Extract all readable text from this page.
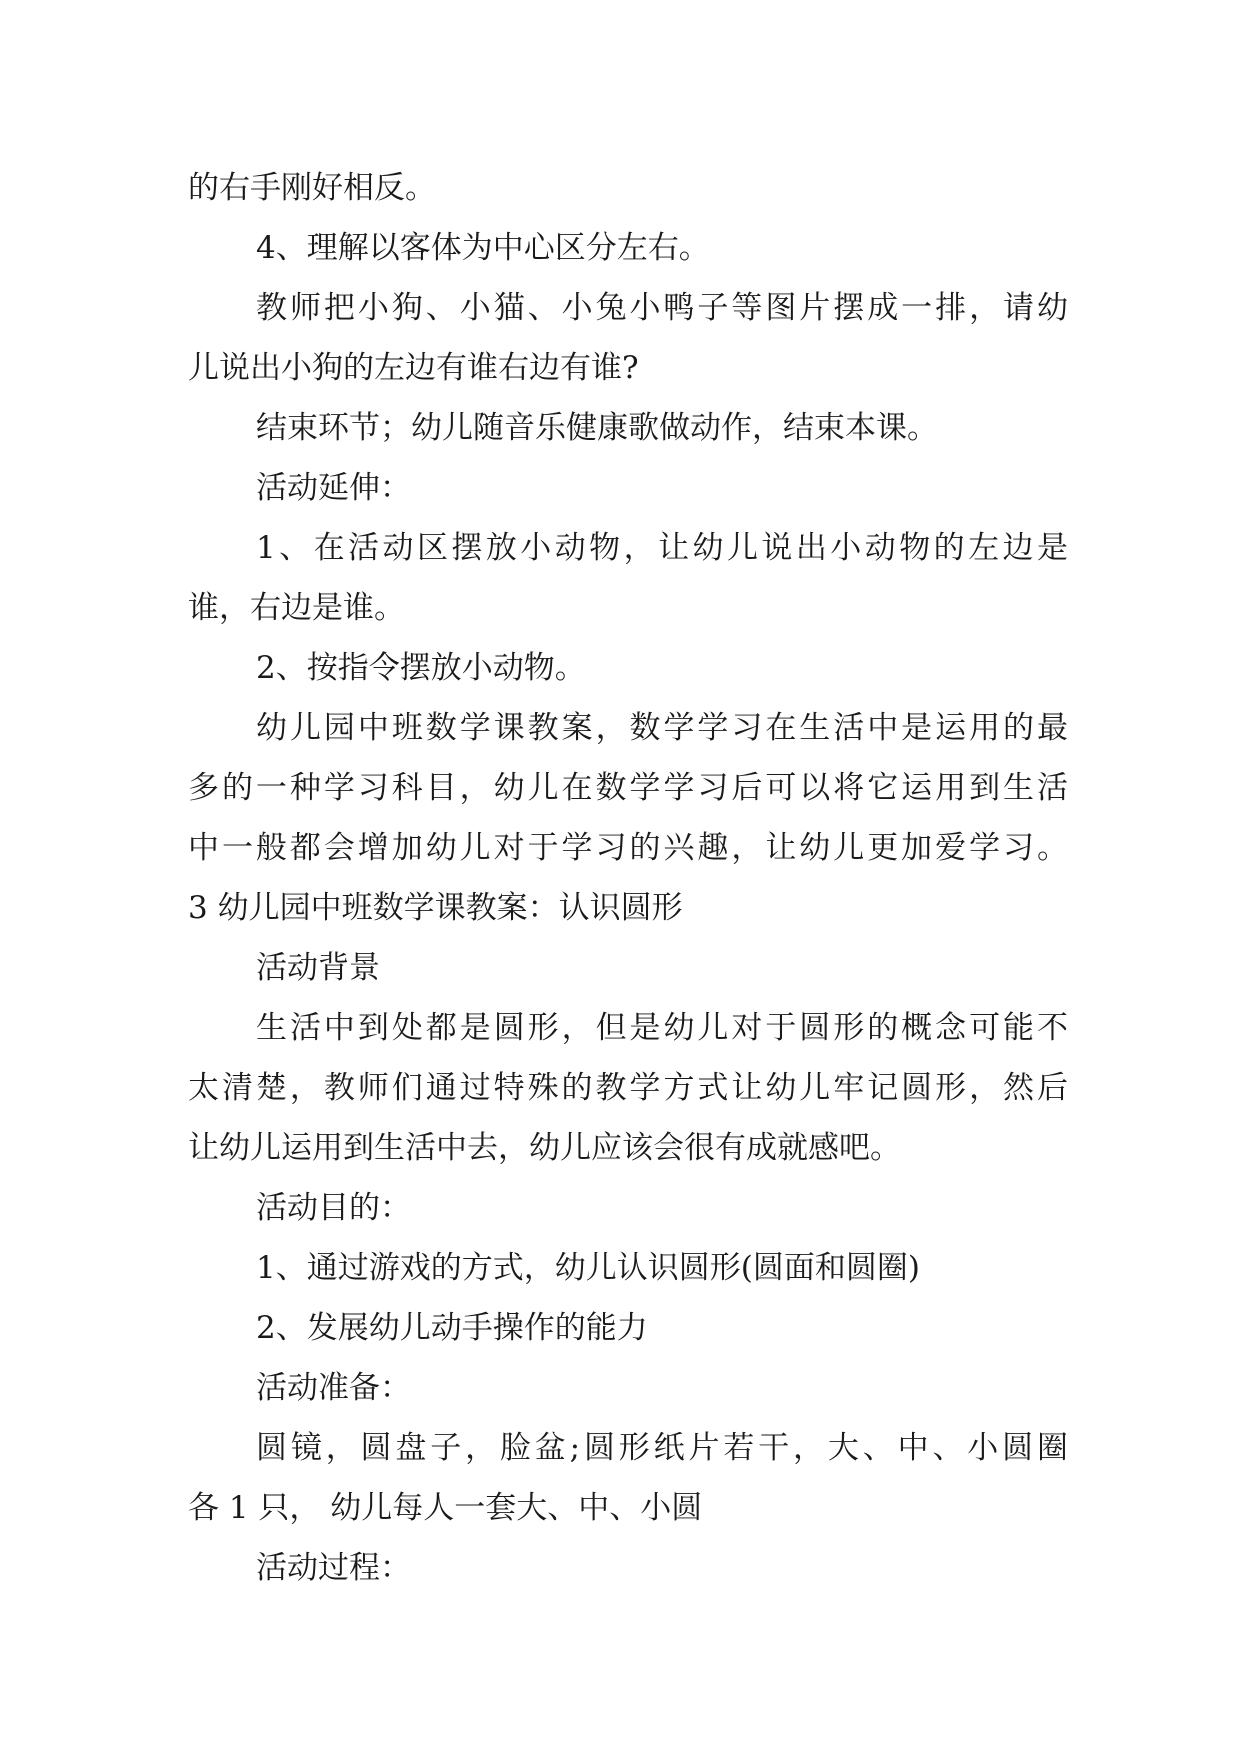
的右手刚好相反。
4、理解以客体为中心区分左右。
教师把小狗、小猫、小兔小鸭子等图片摆成一排，请幼
儿说出小狗的左边有谁右边有谁?
结束环节；幼儿随音乐健康歌做动作，结束本课。
活动延伸：
1、在活动区摆放小动物，让幼儿说出小动物的左边是
谁，右边是谁。
2、按指令摆放小动物。
幼儿园中班数学课教案，数学学习在生活中是运用的最
多的一种学习科目，幼儿在数学学习后可以将它运用到生活
中一般都会增加幼儿对于学习的兴趣，让幼儿更加爱学习。
3 幼儿园中班数学课教案：认识圆形
活动背景
生活中到处都是圆形，但是幼儿对于圆形的概念可能不
太清楚，教师们通过特殊的教学方式让幼儿牢记圆形，然后
让幼儿运用到生活中去，幼儿应该会很有成就感吧。
活动目的：
1、通过游戏的方式，幼儿认识圆形(圆面和圆圈)
2、发展幼儿动手操作的能力
活动准备：
圆镜，圆盘子，脸盆;圆形纸片若干，大、中、小圆圈
各 1 只， 幼儿每人一套大、中、小圆
活动过程：
